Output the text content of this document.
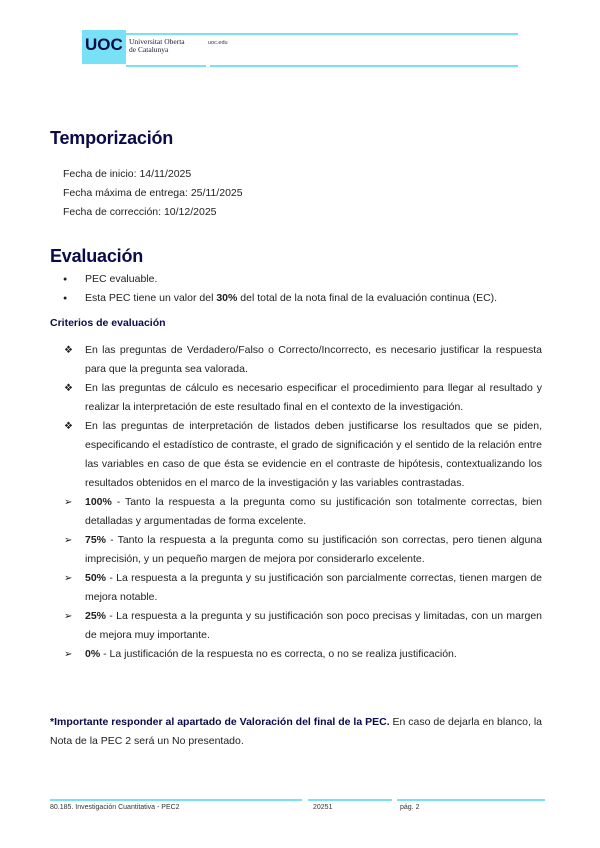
UOC Universitat Oberta
de Catalunya
uoc.edu
Temporización
Fecha de inicio: 14/11/2025
Fecha máxima de entrega: 25/11/2025
Fecha de corrección: 10/12/2025
Evaluación
● PEC evaluable.
● Esta PEC tiene un valor del 30% del total de la nota final de la evaluación continua (EC).
Criterios de evaluación
❖ En las preguntas de Verdadero/Falso o Correcto/Incorrecto, es necesario justificar la respuesta para que la pregunta sea valorada.
❖ En las preguntas de cálculo es necesario especificar el procedimiento para llegar al resultado y realizar la interpretación de este resultado final en el contexto de la investigación.
❖ En las preguntas de interpretación de listados deben justificarse los resultados que se piden, especificando el estadístico de contraste, el grado de significación y el sentido de la relación entre las variables en caso de que ésta se evidencie en el contraste de hipótesis, contextualizando los resultados obtenidos en el marco de la investigación y las variables contrastadas.
➢ 100% - Tanto la respuesta a la pregunta como su justificación son totalmente correctas, bien detalladas y argumentadas de forma excelente.
➢ 75% - Tanto la respuesta a la pregunta como su justificación son correctas, pero tienen alguna imprecisión, y un pequeño margen de mejora por considerarlo excelente.
➢ 50% - La respuesta a la pregunta y su justificación son parcialmente correctas, tienen margen de mejora notable.
➢ 25% - La respuesta a la pregunta y su justificación son poco precisas y limitadas, con un margen de mejora muy importante.
➢ 0% - La justificación de la respuesta no es correcta, o no se realiza justificación.
*Importante responder al apartado de Valoración del final de la PEC. En caso de dejarla en blanco, la Nota de la PEC 2 será un No presentado.
80.185. Investigación Cuantitativa - PEC2	20251	pág. 2
